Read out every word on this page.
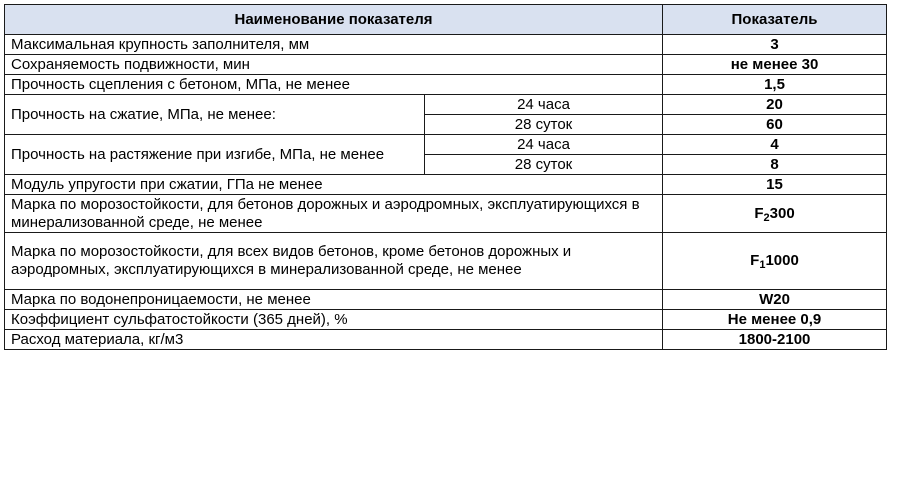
Наименование показателя		Показатель
Максимальная крупность заполнителя, мм		3
Сохраняемость подвижности, мин		не менее 30
Прочность сцепления с бетоном, МПа, не менее		1,5
Прочность на сжатие, МПа, не менее:	24 часа	20
	28 суток	60
Прочность на растяжение при изгибе, МПа, не менее	24 часа	4
	28 суток	8
Модуль упругости при сжатии, ГПа не менее		15
Марка по морозостойкости, для бетонов дорожных и аэродромных, эксплуатирующихся в минерализованной среде, не менее		$F_2300$
Марка по морозостойкости, для всех видов бетонов, кроме бетонов дорожных и аэродромных, эксплуатирующихся в минерализованной среде, не менее		$F_11000$
Марка по водонепроницаемости, не менее		W20
Коэффициент сульфатостойкости (365 дней), %		Не менее 0,9
Расход материала, кг/м3		1800-2100
